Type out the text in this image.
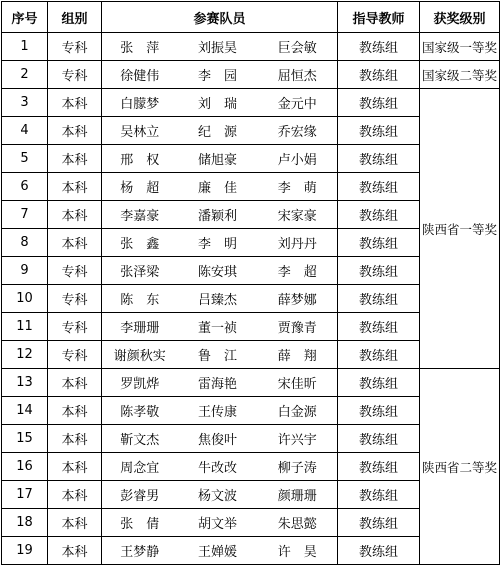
序号	组别	参赛队员			指导教师	获奖级别
1	专科	张　萍	刘振昊	巨会敏	教练组	国家级一等奖
2	专科	徐健伟	李　园	屈恒杰	教练组	国家级二等奖
3	本科	白朦梦	刘　瑞	金元中	教练组	陕西省一等奖
4	本科	吴林立	纪　源	乔宏缘	教练组	
5	本科	邢　权	储旭豪	卢小娟	教练组	
6	本科	杨　超	廉　佳	李　萌	教练组	
7	本科	李嘉豪	潘颖利	宋家豪	教练组	
8	本科	张　鑫	李　明	刘丹丹	教练组	
9	专科	张泽梁	陈安琪	李　超	教练组	
10	专科	陈　东	吕臻杰	薛梦娜	教练组	
11	专科	李珊珊	董一祯	贾豫青	教练组	
12	专科	谢颜秋实	鲁　江	薛　翔	教练组	
13	本科	罗凯烨	雷海艳	宋佳昕	教练组	陕西省二等奖
14	本科	陈孝敬	王传康	白金源	教练组	
15	本科	靳文杰	焦俊叶	许兴宇	教练组	
16	本科	周念宜	牛改改	柳子涛	教练组	
17	本科	彭睿男	杨文波	颜珊珊	教练组	
18	本科	张　倩	胡文举	朱思懿	教练组	
19	本科	王梦静	王婵媛	许　昊	教练组	
